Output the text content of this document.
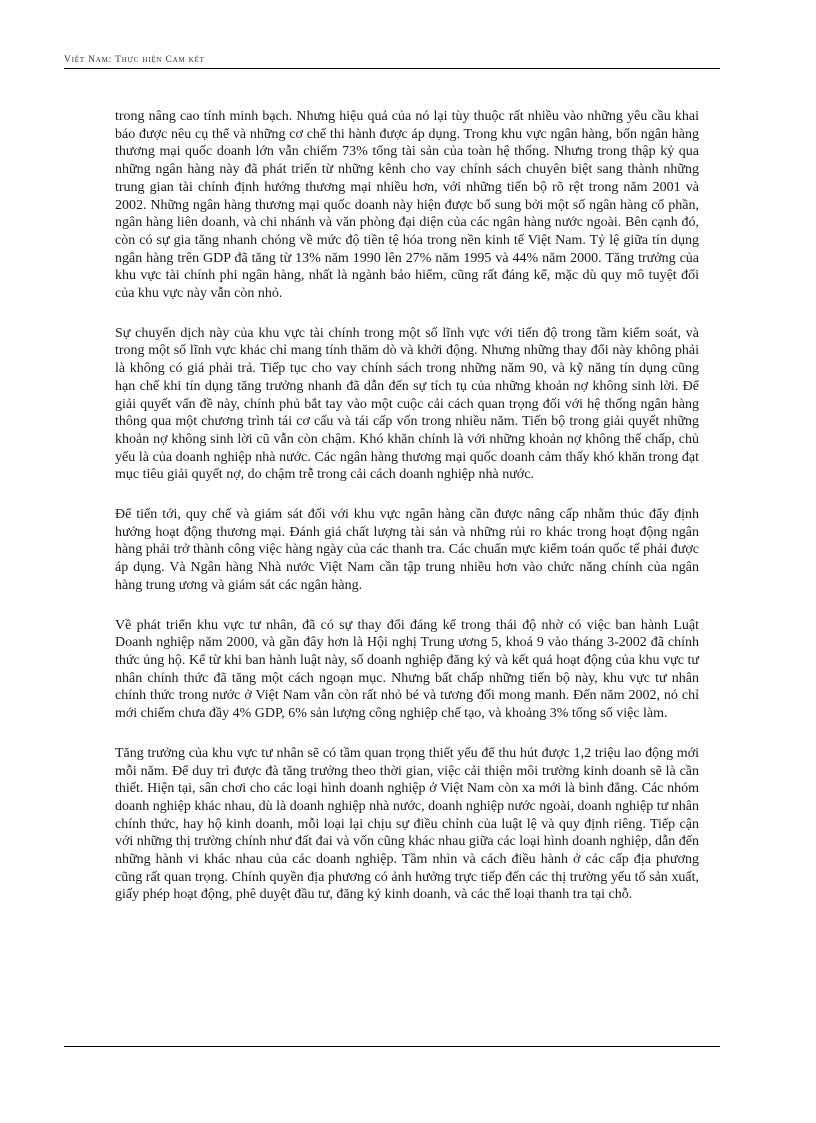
Việt Nam: Thực hiện Cam kết

trong nâng cao tính minh bạch. Nhưng hiệu quả của nó lại tùy thuộc rất nhiều vào những yêu cầu khai báo được nêu cụ thể và những cơ chế thi hành được áp dụng. Trong khu vực ngân hàng, bốn ngân hàng thương mại quốc doanh lớn vẫn chiếm 73% tổng tài sản của toàn hệ thống. Nhưng trong thập kỷ qua những ngân hàng này đã phát triển từ những kênh cho vay chính sách chuyên biệt sang thành những trung gian tài chính định hướng thương mại nhiều hơn, với những tiến bộ rõ rệt trong năm 2001 và 2002. Những ngân hàng thương mại quốc doanh này hiện được bổ sung bởi một số ngân hàng cổ phần, ngân hàng liên doanh, và chi nhánh và văn phòng đại diện của các ngân hàng nước ngoài. Bên cạnh đó, còn có sự gia tăng nhanh chóng về mức độ tiền tệ hóa trong nền kinh tế Việt Nam. Tỷ lệ giữa tín dụng ngân hàng trên GDP đã tăng từ 13% năm 1990 lên 27% năm 1995 và 44% năm 2000. Tăng trưởng của khu vực tài chính phi ngân hàng, nhất là ngành bảo hiểm, cũng rất đáng kể, mặc dù quy mô tuyệt đối của khu vực này vẫn còn nhỏ.

Sự chuyển dịch này của khu vực tài chính trong một số lĩnh vực với tiến độ trong tầm kiểm soát, và trong một số lĩnh vực khác chỉ mang tính thăm dò và khởi động. Nhưng những thay đổi này không phải là không có giá phải trả. Tiếp tục cho vay chính sách trong những năm 90, và kỹ năng tín dụng cũng hạn chế khi tín dụng tăng trưởng nhanh đã dẫn đến sự tích tụ của những khoản nợ không sinh lời. Để giải quyết vấn đề này, chính phủ bắt tay vào một cuộc cải cách quan trọng đối với hệ thống ngân hàng thông qua một chương trình tái cơ cấu và tái cấp vốn trong nhiều năm. Tiến bộ trong giải quyết những khoản nợ không sinh lời cũ vẫn còn chậm. Khó khăn chính là với những khoản nợ không thế chấp, chủ yếu là của doanh nghiệp nhà nước. Các ngân hàng thương mại quốc doanh cảm thấy khó khăn trong đạt mục tiêu giải quyết nợ, do chậm trễ trong cải cách doanh nghiệp nhà nước.

Để tiến tới, quy chế và giám sát đối với khu vực ngân hàng cần được nâng cấp nhằm thúc đẩy định hướng hoạt động thương mại. Đánh giá chất lượng tài sản và những rủi ro khác trong hoạt động ngân hàng phải trở thành công việc hàng ngày của các thanh tra. Các chuẩn mực kiểm toán quốc tế phải được áp dụng. Và Ngân hàng Nhà nước Việt Nam cần tập trung nhiều hơn vào chức năng chính của ngân hàng trung ương và giám sát các ngân hàng.

Về phát triển khu vực tư nhân, đã có sự thay đổi đáng kể trong thái độ nhờ có việc ban hành Luật Doanh nghiệp năm 2000, và gần đây hơn là Hội nghị Trung ương 5, khoá 9 vào tháng 3-2002 đã chính thức ủng hộ. Kể từ khi ban hành luật này, số doanh nghiệp đăng ký và kết quả hoạt động của khu vực tư nhân chính thức đã tăng một cách ngoạn mục. Nhưng bất chấp những tiến bộ này, khu vực tư nhân chính thức trong nước ở Việt Nam vẫn còn rất nhỏ bé và tương đối mong manh. Đến năm 2002, nó chỉ mới chiếm chưa đầy 4% GDP, 6% sản lượng công nghiệp chế tạo, và khoảng 3% tổng số việc làm.

Tăng trưởng của khu vực tư nhân sẽ có tầm quan trọng thiết yếu để thu hút được 1,2 triệu lao động mới mỗi năm. Để duy trì được đà tăng trưởng theo thời gian, việc cải thiện môi trường kinh doanh sẽ là cần thiết. Hiện tại, sân chơi cho các loại hình doanh nghiệp ở Việt Nam còn xa mới là bình đẳng. Các nhóm doanh nghiệp khác nhau, dù là doanh nghiệp nhà nước, doanh nghiệp nước ngoài, doanh nghiệp tư nhân chính thức, hay hộ kinh doanh, mỗi loại lại chịu sự điều chỉnh của luật lệ và quy định riêng. Tiếp cận với những thị trường chính như đất đai và vốn cũng khác nhau giữa các loại hình doanh nghiệp, dẫn đến những hành vi khác nhau của các doanh nghiệp. Tầm nhìn và cách điều hành ở các cấp địa phương cũng rất quan trọng. Chính quyền địa phương có ảnh hưởng trực tiếp đến các thị trường yếu tố sản xuất, giấy phép hoạt động, phê duyệt đầu tư, đăng ký kinh doanh, và các thể loại thanh tra tại chỗ.
